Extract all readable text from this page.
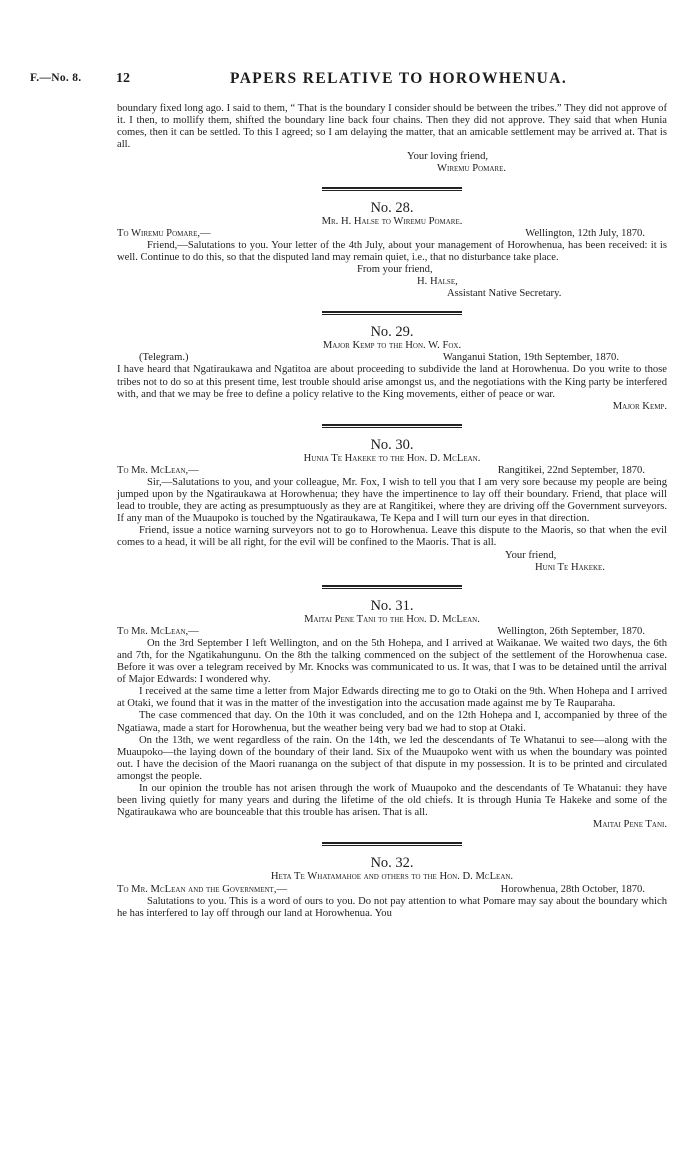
F.—No. 8. 12	PAPERS RELATIVE TO HOROWHENUA.

boundary fixed long ago. I said to them, “ That is the boundary I consider should be between the tribes.” They did not approve of it. I then, to mollify them, shifted the boundary line back four chains. Then they did not approve. They said that when Hunia comes, then it can be settled. To this I agreed; so I am delaying the matter, that an amicable settlement may be arrived at. That is all.

Your loving friend,

Wiremu Pomare.

No. 28.
Mr. H. Halse to Wiremu Pomare.
To Wiremu Pomare,—	Wellington, 12th July, 1870.

Friend,—Salutations to you. Your letter of the 4th July, about your management of Horowhenua, has been received: it is well. Continue to do this, so that the disputed land may remain quiet, i.e., that no disturbance take place.

From your friend,

H. Halse,

Assistant Native Secretary.

No. 29.
Major Kemp to the Hon. W. Fox.
(Telegram.)	Wanganui Station, 19th September, 1870.

I have heard that Ngatiraukawa and Ngatitoa are about proceeding to subdivide the land at Horowhenua. Do you write to those tribes not to do so at this present time, lest trouble should arise amongst us, and the negotiations with the King party be interfered with, and that we may be free to define a policy relative to the King movements, either of peace or war.

Major Kemp.

No. 30.
Hunia Te Hakeke to the Hon. D. McLean.
To Mr. McLean,—	Rangitikei, 22nd September, 1870.

Sir,—Salutations to you, and your colleague, Mr. Fox, I wish to tell you that I am very sore because my people are being jumped upon by the Ngatiraukawa at Horowhenua; they have the impertinence to lay off their boundary. Friend, that place will lead to trouble, they are acting as presumptuously as they are at Rangitikei, where they are driving off the Government surveyors. If any man of the Muaupoko is touched by the Ngatiraukawa, Te Kepa and I will turn our eyes in that direction.

Friend, issue a notice warning surveyors not to go to Horowhenua. Leave this dispute to the Maoris, so that when the evil comes to a head, it will be all right, for the evil will be confined to the Maoris. That is all.

Your friend,

Huni Te Hakeke.

No. 31.
Maitai Pene Tani to the Hon. D. McLean.
To Mr. McLean,—	Wellington, 26th September, 1870.

On the 3rd September I left Wellington, and on the 5th Hohepa, and I arrived at Waikanae. We waited two days, the 6th and 7th, for the Ngatikahungunu. On the 8th the talking commenced on the subject of the settlement of the Horowhenua case. Before it was over a telegram received by Mr. Knocks was communicated to us. It was, that I was to be detained until the arrival of Major Edwards: I wondered why.

I received at the same time a letter from Major Edwards directing me to go to Otaki on the 9th. When Hohepa and I arrived at Otaki, we found that it was in the matter of the investigation into the accusation made against me by Te Rauparaha.

The case commenced that day. On the 10th it was concluded, and on the 12th Hohepa and I, accompanied by three of the Ngatiawa, made a start for Horowhenua, but the weather being very bad we had to stop at Otaki.

On the 13th, we went regardless of the rain. On the 14th, we led the descendants of Te Whatanui to see—along with the Muaupoko—the laying down of the boundary of their land. Six of the Muaupoko went with us when the boundary was pointed out. I have the decision of the Maori ruananga on the subject of that dispute in my possession. It is to be printed and circulated amongst the people.

In our opinion the trouble has not arisen through the work of Muaupoko and the descendants of Te Whatanui: they have been living quietly for many years and during the lifetime of the old chiefs. It is through Hunia Te Hakeke and some of the Ngatiraukawa who are bounceable that this trouble has arisen. That is all.

Maitai Pene Tani.

No. 32.
Heta Te Whatamahoe and others to the Hon. D. McLean.
To Mr. McLean and the Government,—	Horowhenua, 28th October, 1870.

Salutations to you. This is a word of ours to you. Do not pay attention to what Pomare may say about the boundary which he has interfered to lay off through our land at Horowhenua. You
